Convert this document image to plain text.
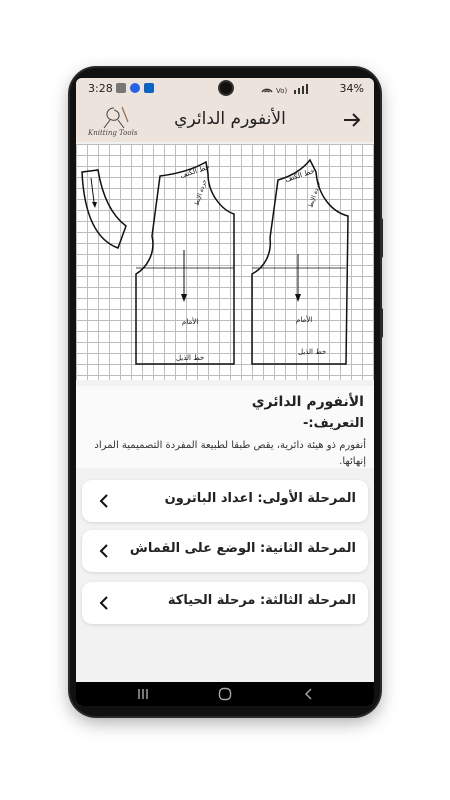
3:28	Vo)	34%
Knitting Tools
الأنفورم الدائري
خط الكتف
خط الذيل
الأمام
حردة الإبط
خط الكتف
خط الذيل
الأمام
حردة الإبط
الأنفورم الدائري
التعريف:-
أنفورم ذو هيئة دائرية، يقص طبقا لطبيعة المفردة التصميمية المراد إنهائها.
المرحلة الأولى: اعداد الباترون
المرحلة الثانية: الوضع على القماش
المرحلة الثالثة: مرحلة الحياكة
